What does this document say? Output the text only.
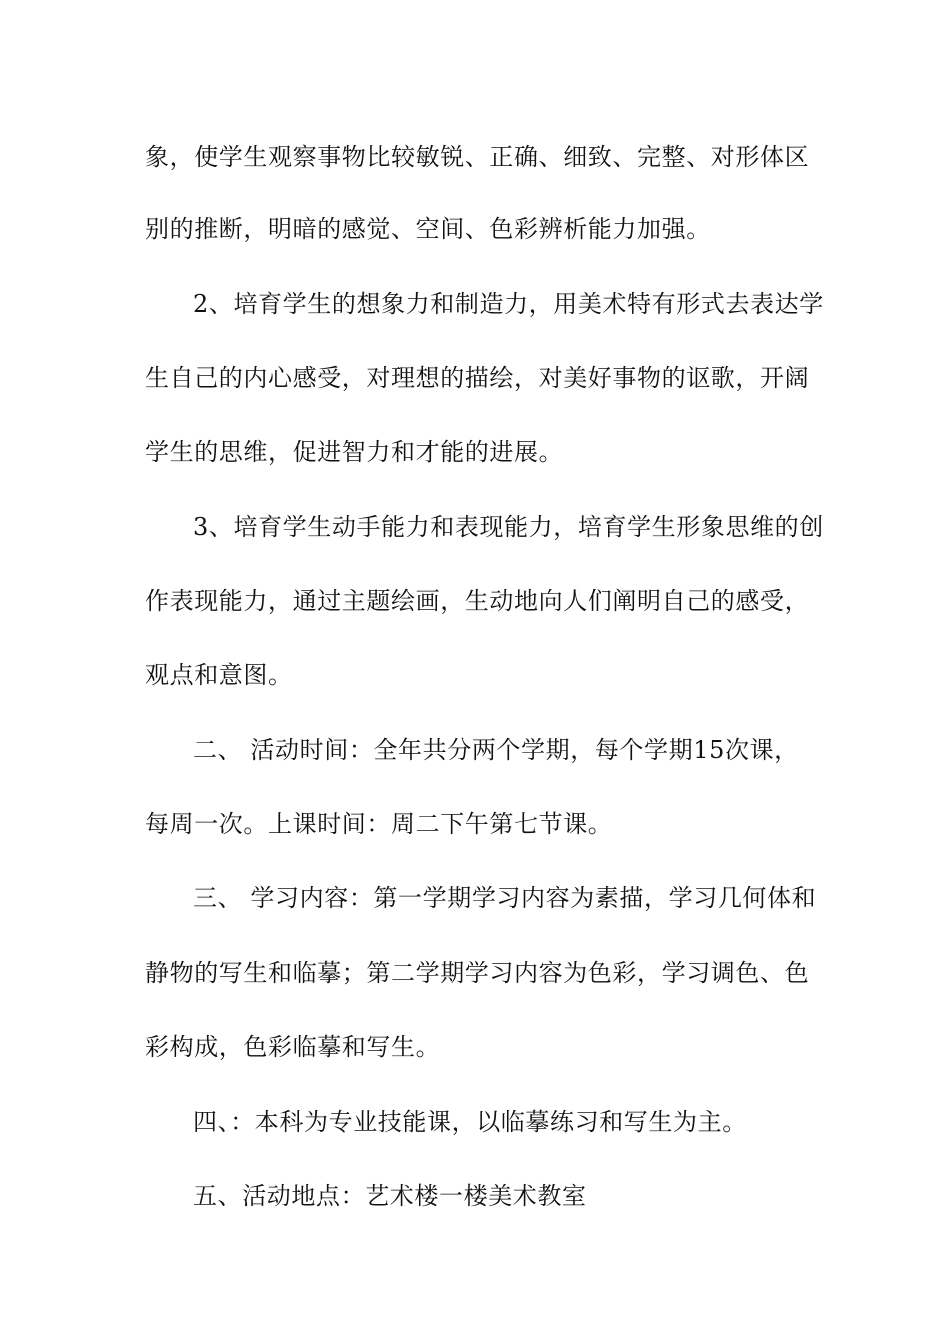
象，使学生观察事物比较敏锐、正确、细致、完整、对形体区
别的推断，明暗的感觉、空间、色彩辨析能力加强。
2、培育学生的想象力和制造力，用美术特有形式去表达学
生自己的内心感受，对理想的描绘，对美好事物的讴歌，开阔
学生的思维，促进智力和才能的进展。
3、培育学生动手能力和表现能力，培育学生形象思维的创
作表现能力，通过主题绘画，生动地向人们阐明自己的感受，
观点和意图。
二、 活动时间：全年共分两个学期，每个学期15次课，
每周一次。上课时间：周二下午第七节课。
三、 学习内容：第一学期学习内容为素描，学习几何体和
静物的写生和临摹；第二学期学习内容为色彩，学习调色、色
彩构成，色彩临摹和写生。
四、：本科为专业技能课，以临摹练习和写生为主。
五、活动地点：艺术楼一楼美术教室
